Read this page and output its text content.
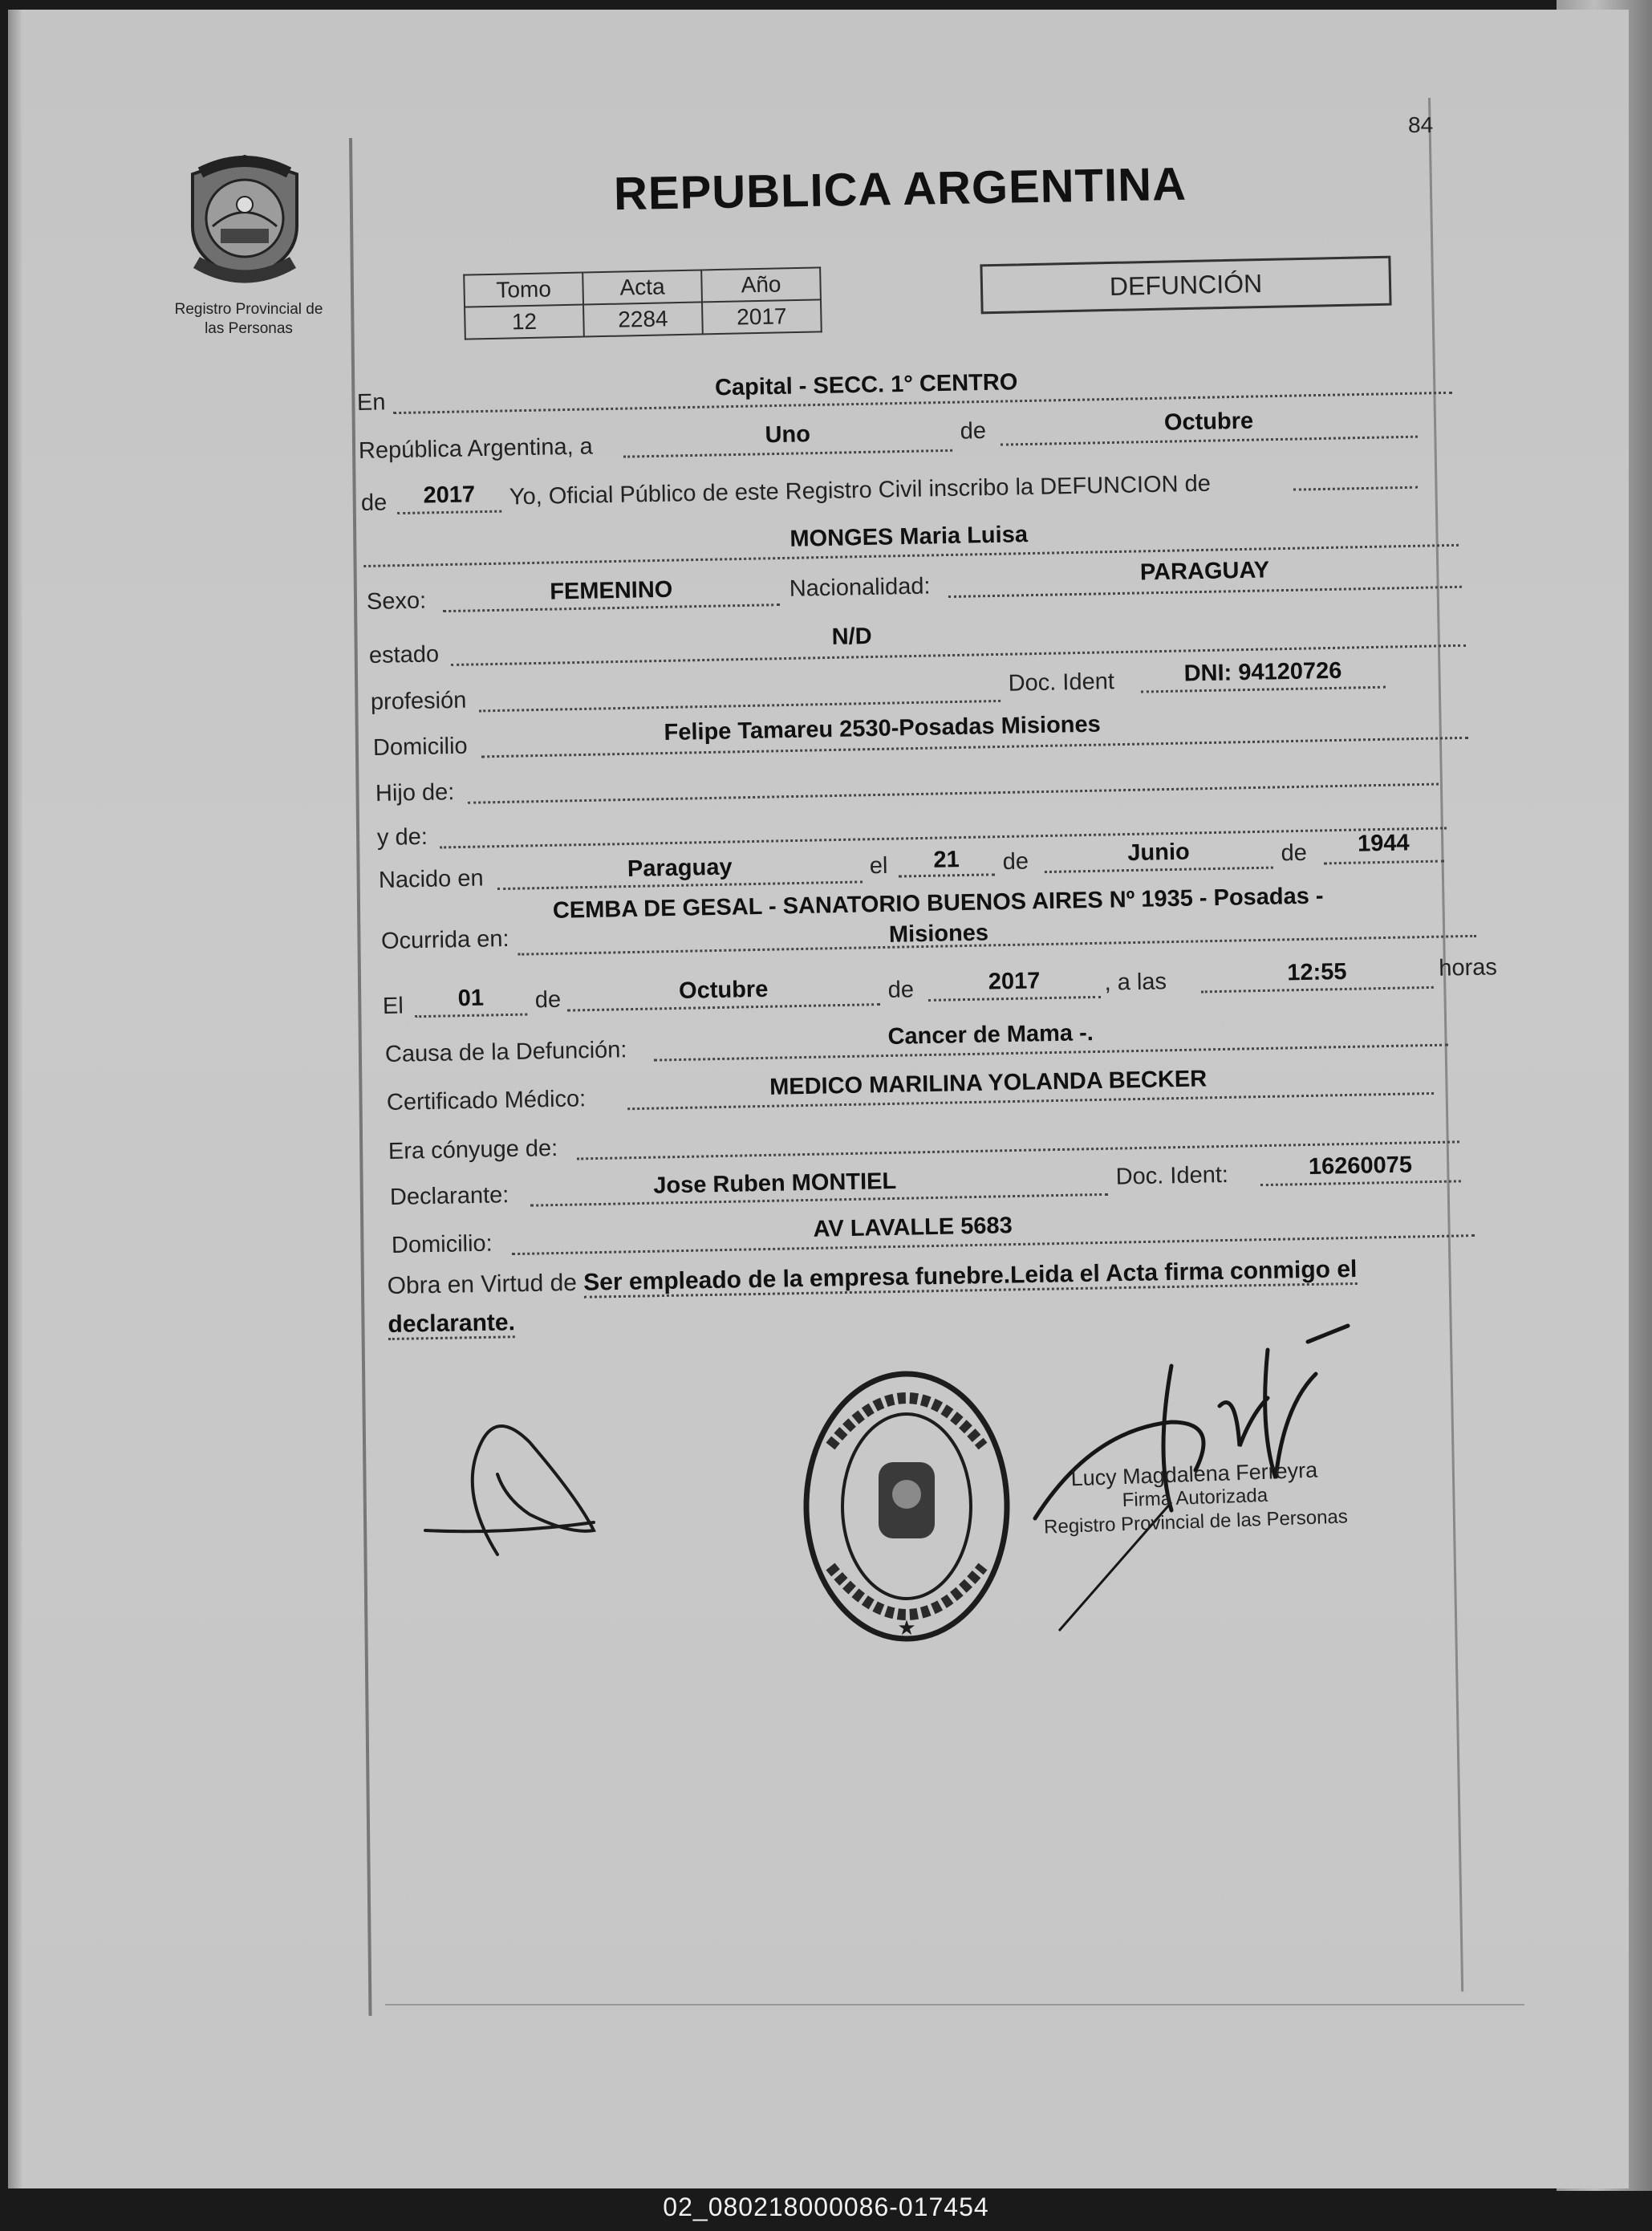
84
Registro Provincial de
las Personas
REPUBLICA ARGENTINA
Tomo	Acta	Año
12	2284	2017
DEFUNCIÓN
En
Capital - SECC. 1° CENTRO
República Argentina, a	Uno	de	Octubre
de	2017	Yo, Oficial Público de este Registro Civil inscribo la DEFUNCION de
MONGES Maria Luisa
Sexo:	FEMENINO	Nacionalidad:
PARAGUAY
estado
N/D
profesión
Doc. Ident	DNI: 94120726
Domicilio
Felipe Tamareu 2530-Posadas Misiones
Hijo de:
y de:
Nacido en	Paraguay	el	21	de	Junio	de	1944
Ocurrida en:
CEMBA DE GESAL - SANATORIO BUENOS AIRES Nº 1935 - Posadas -
Misiones
El	01	de	Octubre	de	2017	, a las	12:55	horas
Causa de la Defunción:
Cancer de Mama -.
Certificado Médico:
MEDICO MARILINA YOLANDA BECKER
Era cónyuge de:
Declarante:	Jose Ruben MONTIEL	Doc. Ident:	16260075
Domicilio:
AV LAVALLE 5683
Obra en Virtud de Ser empleado de la empresa funebre.Leida el Acta firma conmigo el
declarante.
★
Lucy Magdalena Ferreyra
Firma Autorizada
Registro Provincial de las Personas
02_080218000086-017454
